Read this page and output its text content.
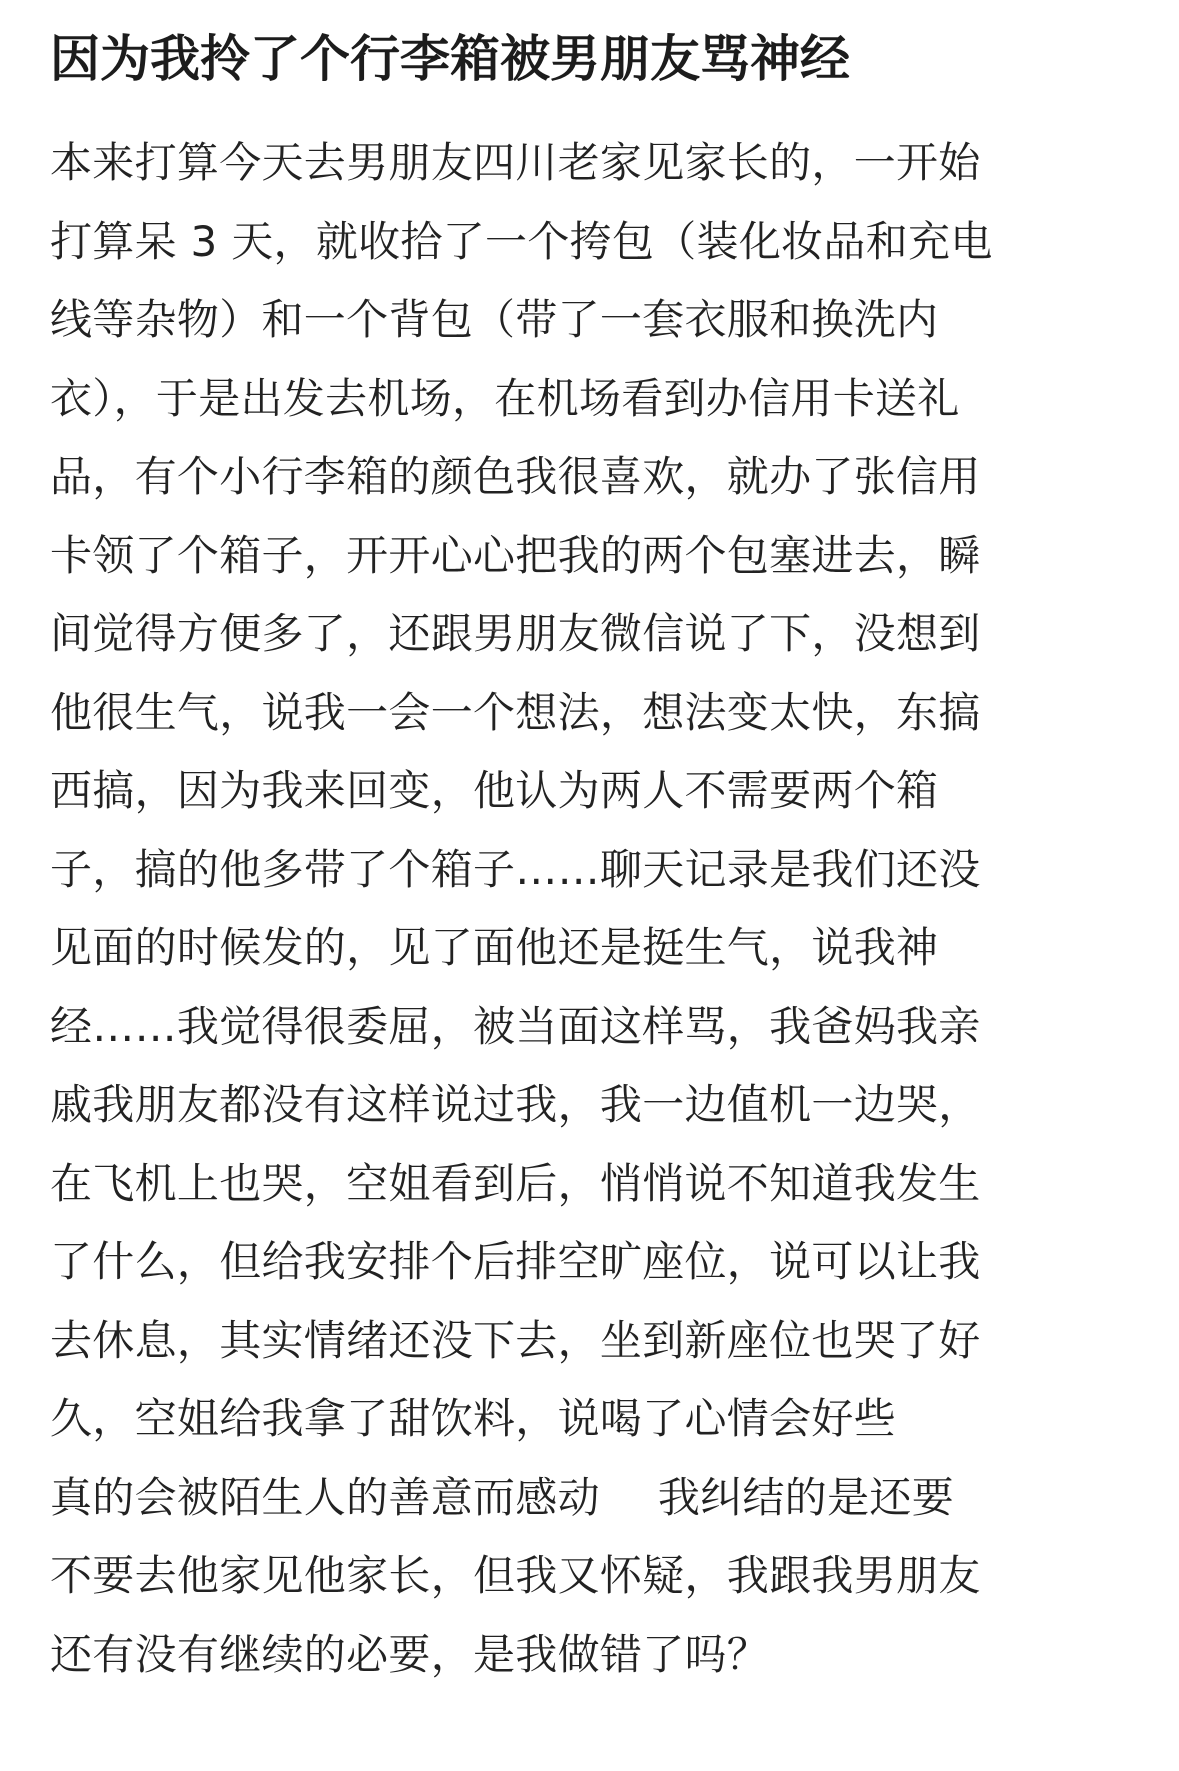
因为我拎了个行李箱被男朋友骂神经
本来打算今天去男朋友四川老家见家长的，一开始
打算呆 3 天，就收拾了一个挎包（装化妆品和充电
线等杂物）和一个背包（带了一套衣服和换洗内
衣），于是出发去机场，在机场看到办信用卡送礼
品，有个小行李箱的颜色我很喜欢，就办了张信用
卡领了个箱子，开开心心把我的两个包塞进去，瞬
间觉得方便多了，还跟男朋友微信说了下，没想到
他很生气，说我一会一个想法，想法变太快，东搞
西搞，因为我来回变，他认为两人不需要两个箱
子，搞的他多带了个箱子……聊天记录是我们还没
见面的时候发的，见了面他还是挺生气，说我神
经……我觉得很委屈，被当面这样骂，我爸妈我亲
戚我朋友都没有这样说过我，我一边值机一边哭，
在飞机上也哭，空姐看到后，悄悄说不知道我发生
了什么，但给我安排个后排空旷座位，说可以让我
去休息，其实情绪还没下去，坐到新座位也哭了好
久，空姐给我拿了甜饮料，说喝了心情会好些
真的会被陌生人的善意而感动 我纠结的是还要
不要去他家见他家长，但我又怀疑，我跟我男朋友
还有没有继续的必要，是我做错了吗？
